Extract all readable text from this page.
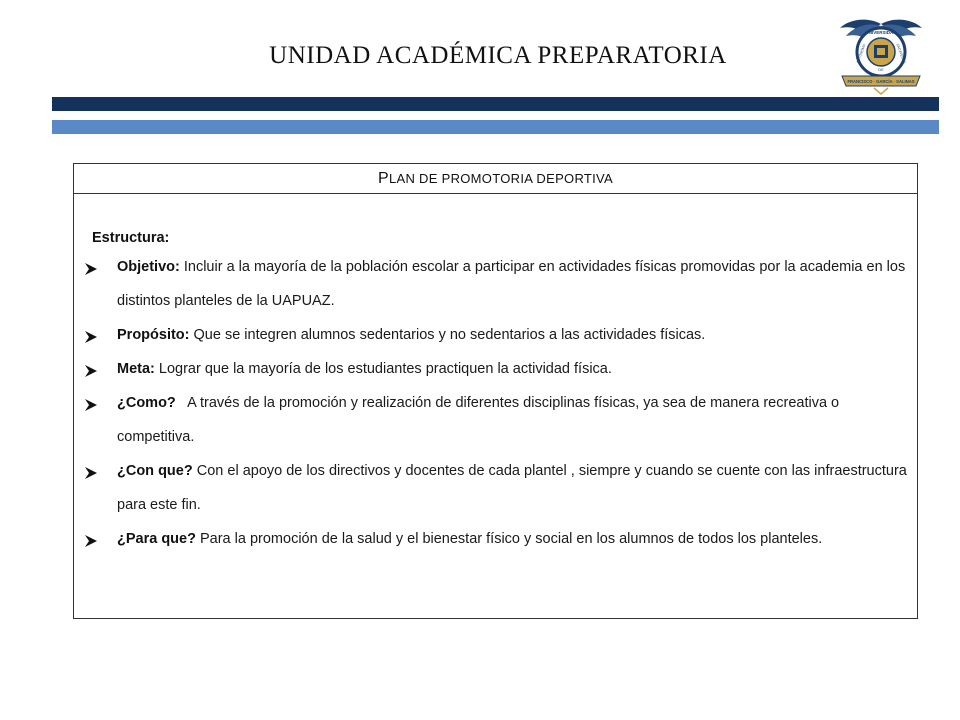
UNIDAD ACADÉMICA PREPARATORIA
UNIVERSIDAD
AUTÓNOMA	ZACATECAS
DE
FRANCISCO · GARCÍA · SALINAS
PLAN DE PROMOTORIA DEPORTIVA
Estructura:
Objetivo: Incluir a la mayoría de la población escolar a participar en actividades físicas promovidas por la academia en los distintos planteles de la UAPUAZ.
Propósito: Que se integren alumnos sedentarios y no sedentarios a las actividades físicas.
Meta: Lograr que la mayoría de los estudiantes practiquen la actividad física.
¿Como?   A través de la promoción y realización de diferentes disciplinas físicas, ya sea de manera recreativa o competitiva.
¿Con que? Con el apoyo de los directivos y docentes de cada plantel , siempre y cuando se cuente con las infraestructura para este fin.
¿Para que? Para la promoción de la salud y el bienestar físico y social en los alumnos de todos los planteles.
